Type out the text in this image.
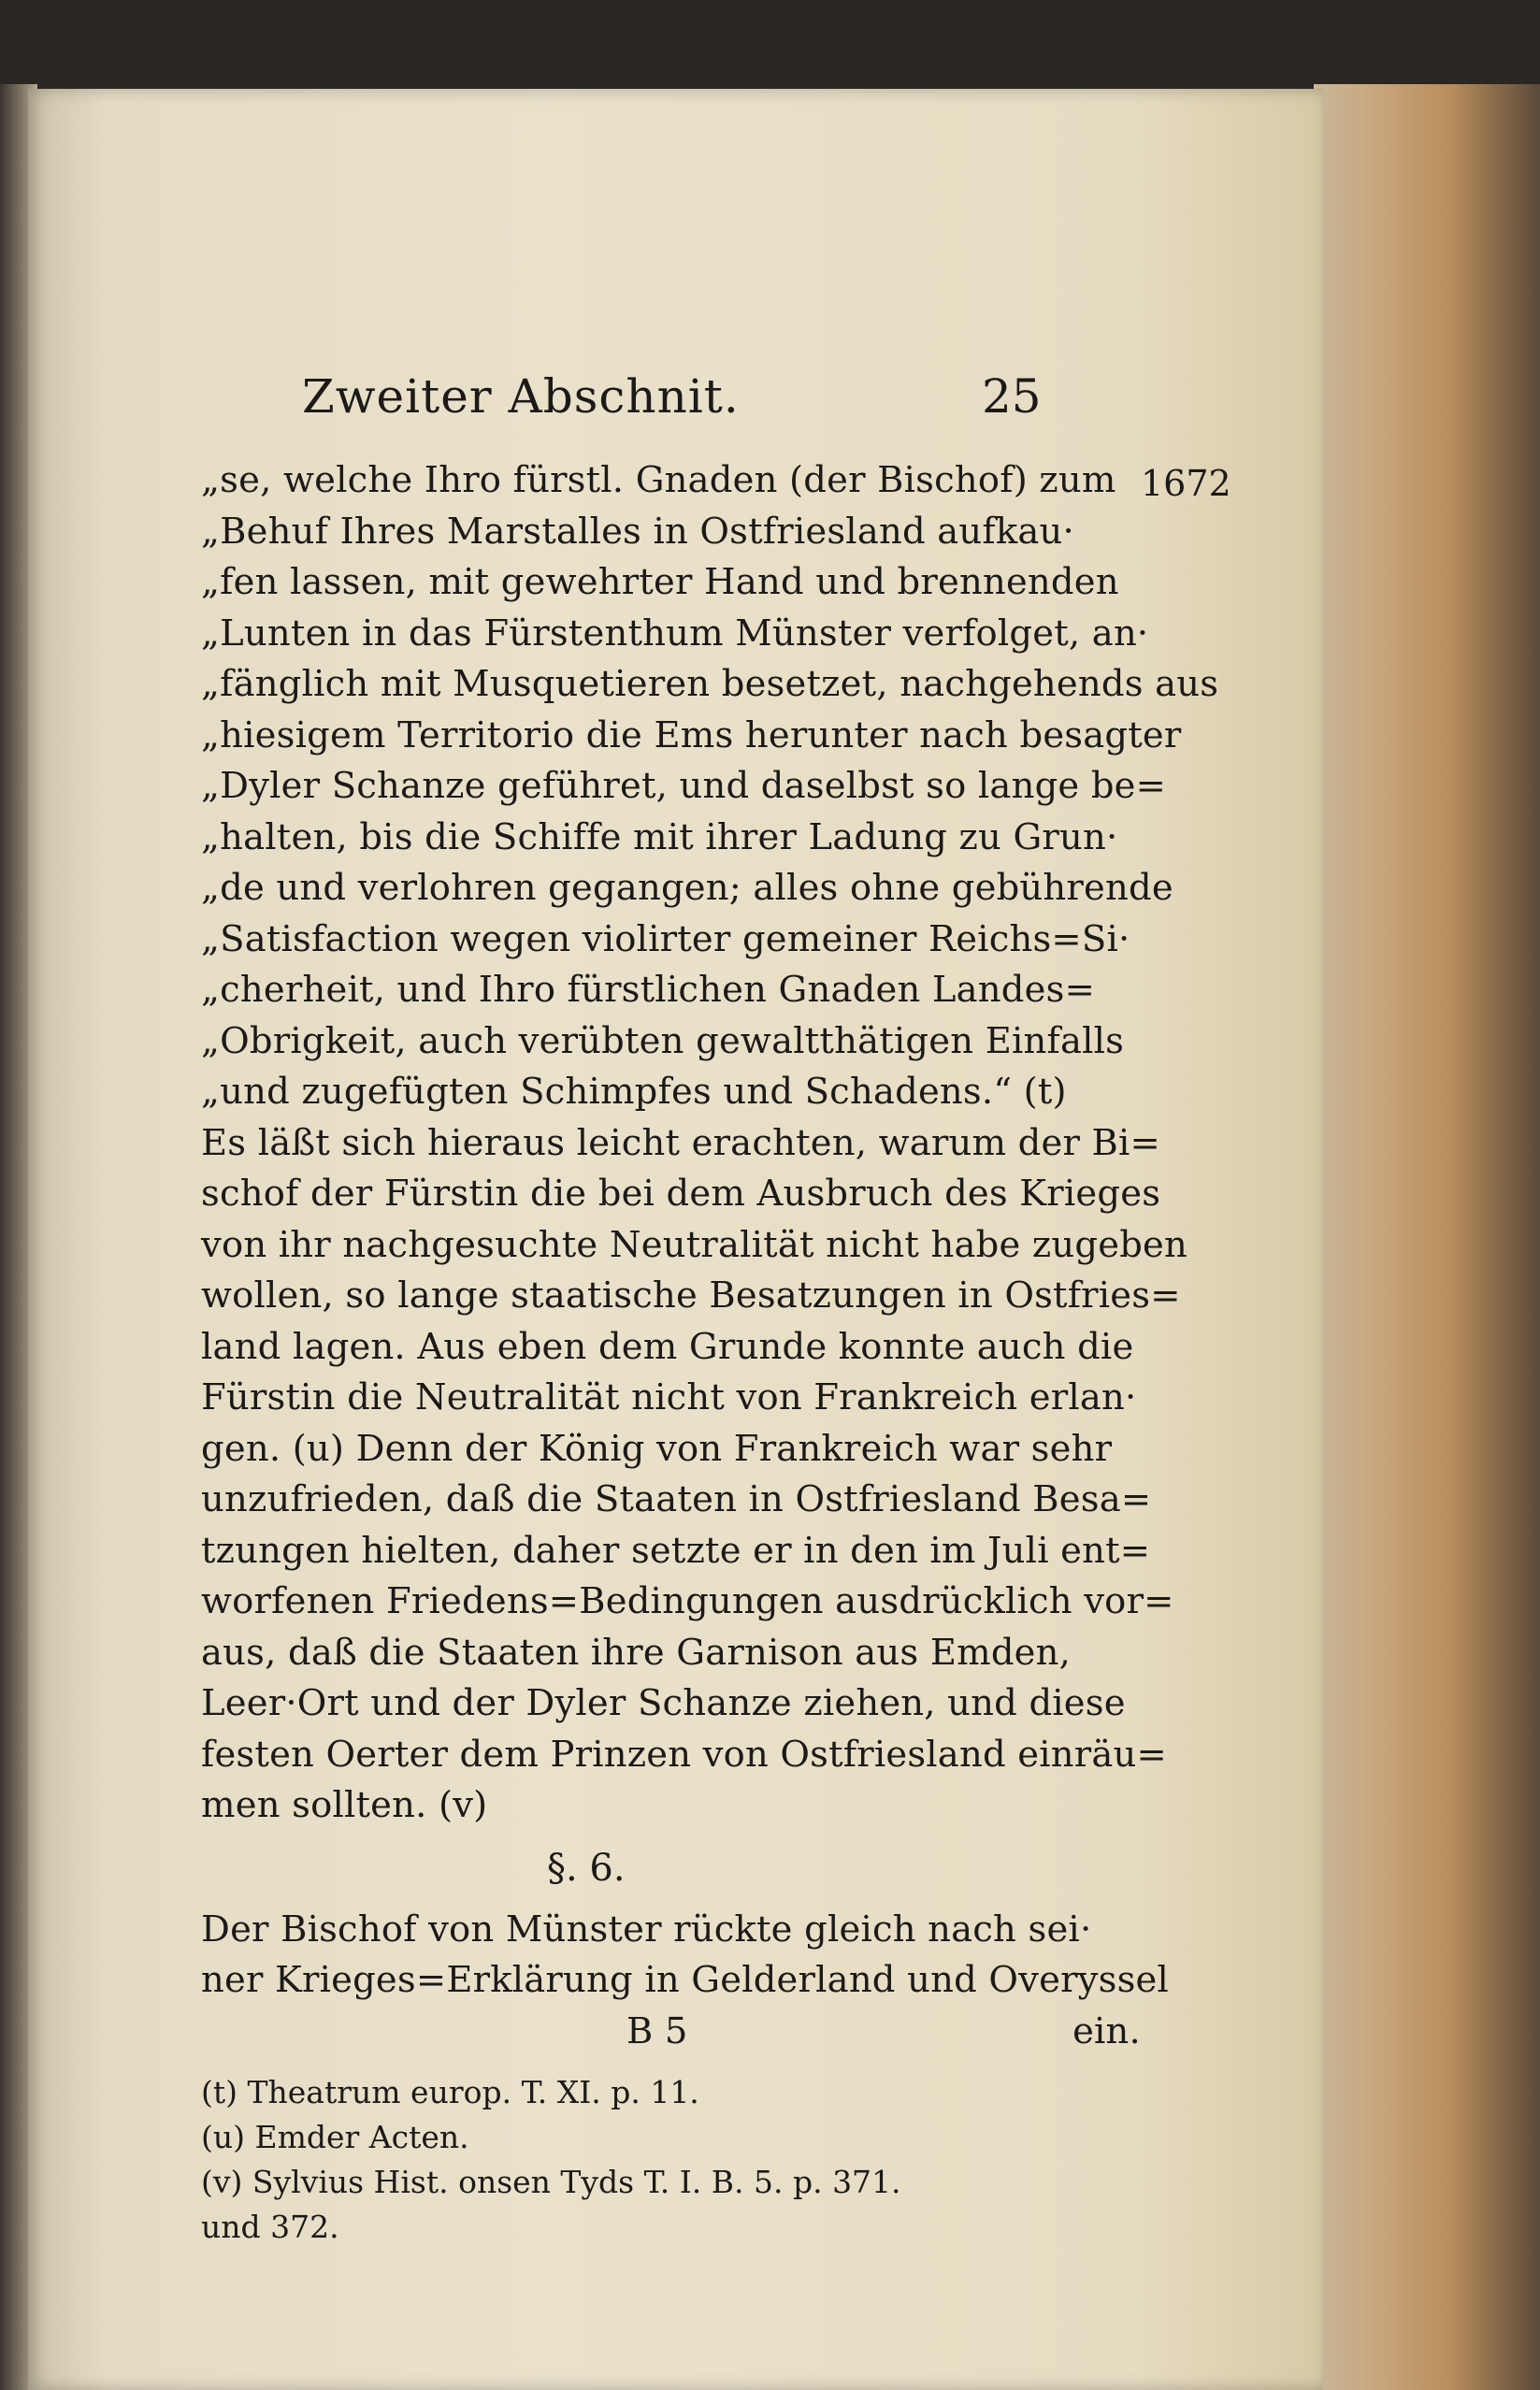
Zweiter Abschnit.	25
1672
„se, welche Ihro fürstl. Gnaden (der Bischof) zum
„Behuf Ihres Marstalles in Ostfriesland aufkau·
„fen lassen, mit gewehrter Hand und brennenden
„Lunten in das Fürstenthum Münster verfolget, an·
„fänglich mit Musquetieren besetzet, nachgehends aus
„hiesigem Territorio die Ems herunter nach besagter
„Dyler Schanze geführet, und daselbst so lange be=
„halten, bis die Schiffe mit ihrer Ladung zu Grun·
„de und verlohren gegangen; alles ohne gebührende
„Satisfaction wegen violirter gemeiner Reichs=Si·
„cherheit, und Ihro fürstlichen Gnaden Landes=
„Obrigkeit, auch verübten gewaltthätigen Einfalls
„und zugefügten Schimpfes und Schadens.“ (t)
Es läßt sich hieraus leicht erachten, warum der Bi=
schof der Fürstin die bei dem Ausbruch des Krieges
von ihr nachgesuchte Neutralität nicht habe zugeben
wollen, so lange staatische Besatzungen in Ostfries=
land lagen. Aus eben dem Grunde konnte auch die
Fürstin die Neutralität nicht von Frankreich erlan·
gen. (u) Denn der König von Frankreich war sehr
unzufrieden, daß die Staaten in Ostfriesland Besa=
tzungen hielten, daher setzte er in den im Juli ent=
worfenen Friedens=Bedingungen ausdrücklich vor=
aus, daß die Staaten ihre Garnison aus Emden,
Leer·Ort und der Dyler Schanze ziehen, und diese
festen Oerter dem Prinzen von Ostfriesland einräu=
men sollten. (v)
§. 6.
Der Bischof von Münster rückte gleich nach sei·
ner Krieges=Erklärung in Gelderland und Overyssel
B 5	ein.
(t) Theatrum europ. T. XI. p. 11.
(u) Emder Acten.
(v) Sylvius Hist. onsen Tyds T. I. B. 5. p. 371.
und 372.
